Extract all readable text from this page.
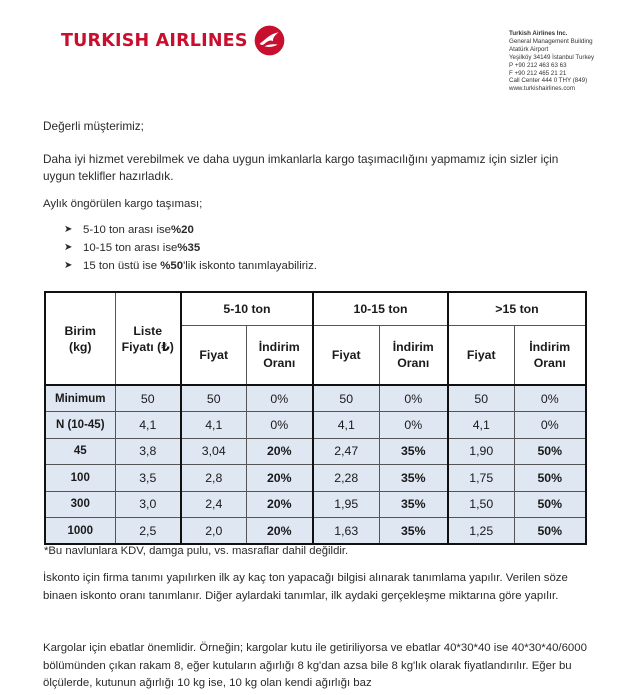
TURKISH AIRLINES	Turkish Airlines Inc.
General Management Building
Atatürk Airport
Yeşilköy 34149 İstanbul Turkey
P +90 212 463 63 63
F +90 212 465 21 21
Call Center 444 0 THY (849)
www.turkishairlines.com
Değerli müşterimiz;
Daha iyi hizmet verebilmek ve daha uygun imkanlarla kargo taşımacılığını yapmamız için sizler için uygun teklifler hazırladık.
Aylık öngörülen kargo taşıması;
➤ 5-10 ton arası ise %20
➤ 10-15 ton arası ise %35
➤ 15 ton üstü ise
%50 'lik iskonto tanımlayabiliriz.
Birim (kg)	Liste Fiyatı (₺)	5-10 ton		10-15 ton		>15 ton	
		Fiyat	İndirim Oranı	Fiyat	İndirim Oranı	Fiyat	İndirim Oranı
Minimum	50	50	0%	50	0%	50	0%
N (10-45)	4,1	4,1	0%	4,1	0%	4,1	0%
45	3,8	3,04	20%	2,47	35%	1,90	50%
100	3,5	2,8	20%	2,28	35%	1,75	50%
300	3,0	2,4	20%	1,95	35%	1,50	50%
1000	2,5	2,0	20%	1,63	35%	1,25	50%
*Bu navlunlara KDV, damga pulu, vs. masraflar dahil değildir.
İskonto için firma tanımı yapılırken ilk ay kaç ton yapacağı bilgisi alınarak tanımlama yapılır. Verilen söze binaen iskonto oranı tanımlanır. Diğer aylardaki tanımlar, ilk aydaki gerçekleşme miktarına göre yapılır.
Kargolar için ebatlar önemlidir. Örneğin; kargolar kutu ile getiriliyorsa ve ebatlar 40*30*40 ise 40*30*40/6000 bölümünden çıkan rakam 8, eğer kutuların ağırlığı 8 kg'dan azsa bile 8 kg'lık olarak fiyatlandırılır. Eğer bu ölçülerde, kutunun ağırlığı 10 kg ise, 10 kg olan kendi ağırlığı baz
